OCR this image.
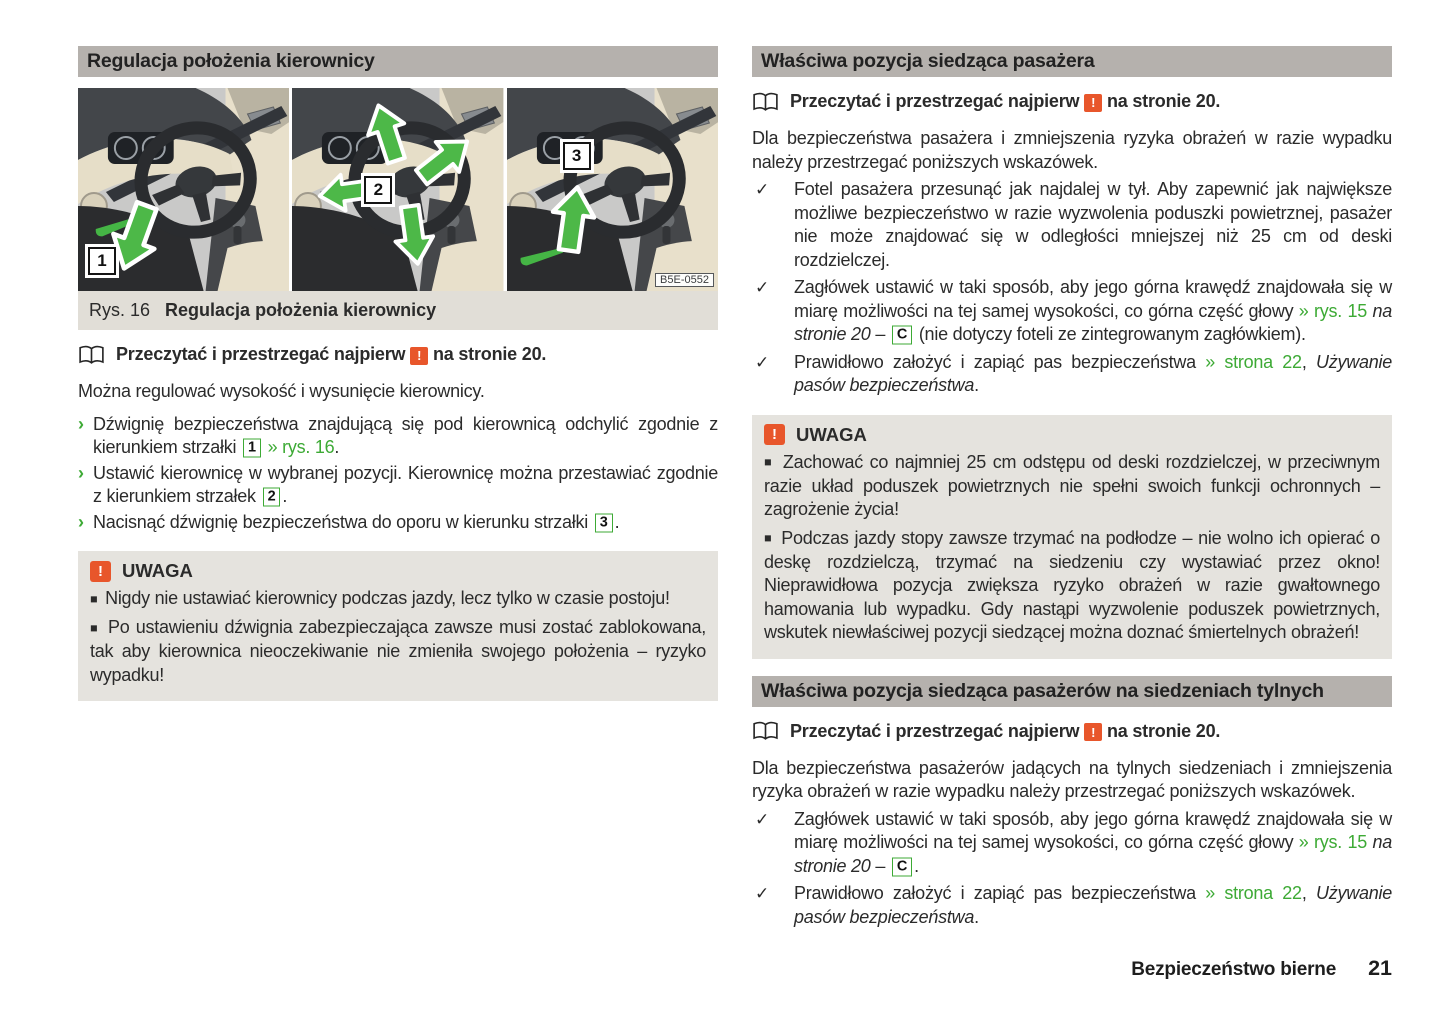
Regulacja położenia kierownicy
1
2
3
B5E-0552
Rys. 16 Regulacja położenia kierownicy
Przeczytać i przestrzegać najpierw ! na stronie 20.
Można regulować wysokość i wysunięcie kierownicy.
› Dźwignię bezpieczeństwa znajdującą się pod kierownicą odchylić zgodnie z kierunkiem strzałki 1 » rys. 16.
› Ustawić kierownicę w wybranej pozycji. Kierownicę można przestawiać zgodnie z kierunkiem strzałek 2 .
› Nacisnąć dźwignię bezpieczeństwa do oporu w kierunku strzałki 3 .
!	UWAGA
■ Nigdy nie ustawiać kierownicy podczas jazdy, lecz tylko w czasie postoju!
■ Po ustawieniu dźwignia zabezpieczająca zawsze musi zostać zablokowana, tak aby kierownica nieoczekiwanie nie zmieniła swojego położenia – ryzyko wypadku!
Właściwa pozycja siedząca pasażera
Przeczytać i przestrzegać najpierw ! na stronie 20.
Dla bezpieczeństwa pasażera i zmniejszenia ryzyka obrażeń w razie wypadku należy przestrzegać poniższych wskazówek.
✓	Fotel pasażera przesunąć jak najdalej w tył. Aby zapewnić jak największe możliwe bezpieczeństwo w razie wyzwolenia poduszki powietrznej, pasażer nie może znajdować się w odległości mniejszej niż 25 cm od deski rozdzielczej.
✓	Zagłówek ustawić w taki sposób, aby jego górna krawędź znajdowała się w miarę możliwości na tej samej wysokości, co górna część głowy » rys. 15 na stronie 20 – C (nie dotyczy foteli ze zintegrowanym zagłówkiem).
✓	Prawidłowo założyć i zapiąć pas bezpieczeństwa » strona 22, Używanie pasów bezpieczeństwa.
!	UWAGA
■ Zachować co najmniej 25 cm odstępu od deski rozdzielczej, w przeciwnym razie układ poduszek powietrznych nie spełni swoich funkcji ochronnych – zagrożenie życia!
■ Podczas jazdy stopy zawsze trzymać na podłodze – nie wolno ich opierać o deskę rozdzielczą, trzymać na siedzeniu czy wystawiać przez okno! Nieprawidłowa pozycja zwiększa ryzyko obrażeń w razie gwałtownego hamowania lub wypadku. Gdy nastąpi wyzwolenie poduszek powietrznych, wskutek niewłaściwej pozycji siedzącej można doznać śmiertelnych obrażeń!
Właściwa pozycja siedząca pasażerów na siedzeniach tylnych
Przeczytać i przestrzegać najpierw ! na stronie 20.
Dla bezpieczeństwa pasażerów jadących na tylnych siedzeniach i zmniejszenia ryzyka obrażeń w razie wypadku należy przestrzegać poniższych wskazówek.
✓	Zagłówek ustawić w taki sposób, aby jego górna krawędź znajdowała się w miarę możliwości na tej samej wysokości, co górna część głowy » rys. 15 na stronie 20 – C .
✓	Prawidłowo założyć i zapiąć pas bezpieczeństwa » strona 22, Używanie pasów bezpieczeństwa.
Bezpieczeństwo bierne 21
